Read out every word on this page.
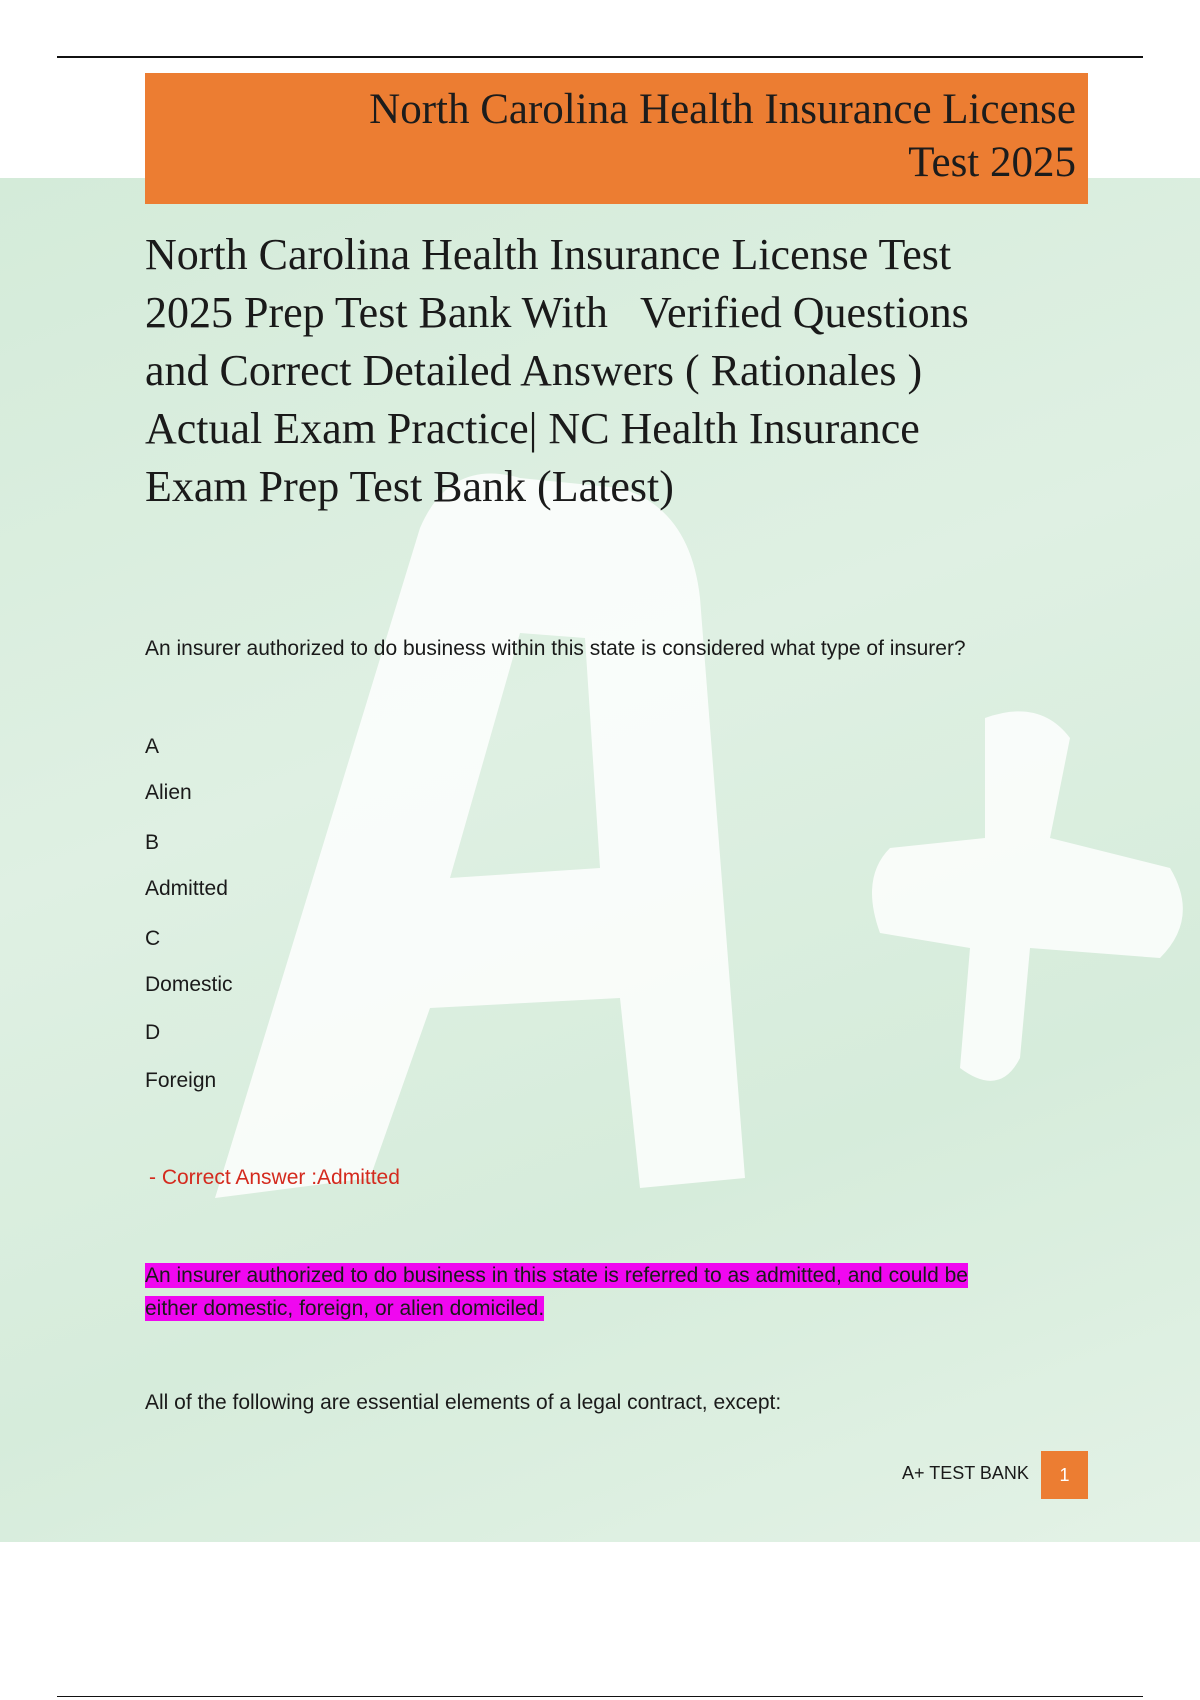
North Carolina Health Insurance License
Test 2025
North Carolina Health Insurance License Test
2025 Prep Test Bank With   Verified Questions
and Correct Detailed Answers ( Rationales )
Actual Exam Practice| NC Health Insurance
Exam Prep Test Bank (Latest)
An insurer authorized to do business within this state is considered what type of insurer?
A
Alien
B
Admitted
C
Domestic
D
Foreign
- Correct Answer :Admitted
An insurer authorized to do business in this state is referred to as admitted, and could be
either domestic, foreign, or alien domiciled.
All of the following are essential elements of a legal contract, except:
A+ TEST BANK	1
